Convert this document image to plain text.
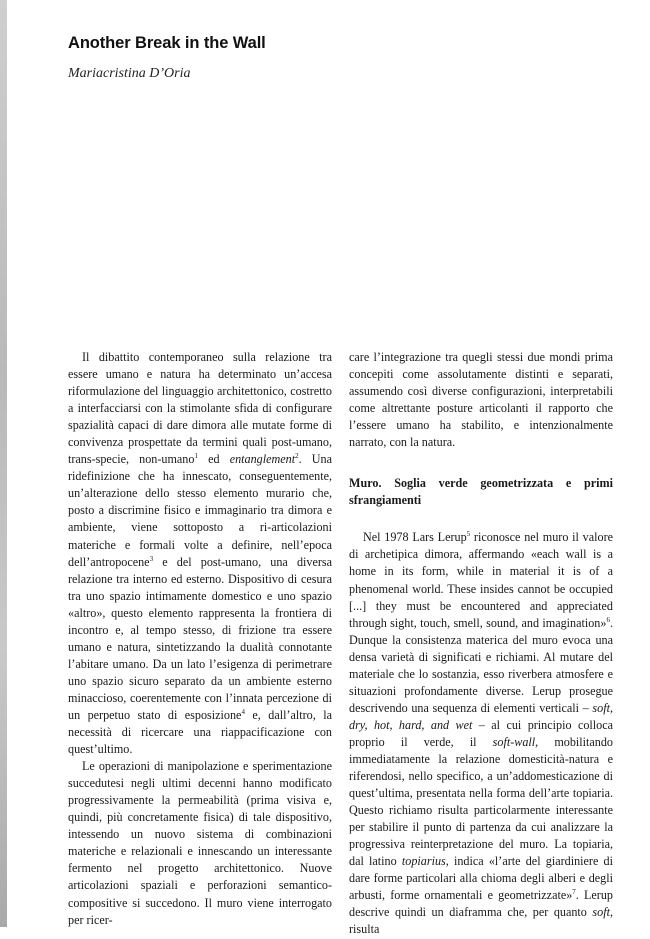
Another Break in the Wall

Mariacristina D’Oria

Il dibattito contemporaneo sulla relazione tra essere umano e natura ha determinato un’accesa riformulazione del linguaggio architettonico, costretto a interfacciarsi con la stimolante sfida di configurare spazialità capaci di dare dimora alle mutate forme di convivenza prospettate da termini quali post-umano, trans-specie, non-umano$^1$ ed entanglement$^2$. Una ridefinizione che ha innescato, conseguentemente, un’alterazione dello stesso elemento murario che, posto a discrimine fisico e immaginario tra dimora e ambiente, viene sottoposto a ri-articolazioni materiche e formali volte a definire, nell’epoca dell’antropocene$^3$ e del post-umano, una diversa relazione tra interno ed esterno. Dispositivo di cesura tra uno spazio intimamente domestico e uno spazio «altro», questo elemento rappresenta la frontiera di incontro e, al tempo stesso, di frizione tra essere umano e natura, sintetizzando la dualità connotante l’abitare umano. Da un lato l’esigenza di perimetrare uno spazio sicuro separato da un ambiente esterno minaccioso, coerentemente con l’innata percezione di un perpetuo stato di esposizione$^4$ e, dall’altro, la necessità di ricercare una riappacificazione con quest’ultimo.

Le operazioni di manipolazione e sperimentazione succedutesi negli ultimi decenni hanno modificato progressivamente la permeabilità (prima visiva e, quindi, più concretamente fisica) di tale dispositivo, intessendo un nuovo sistema di combinazioni materiche e relazionali e innescando un interessante fermento nel progetto architettonico. Nuove articolazioni spaziali e perforazioni semantico-compositive si succedono. Il muro viene interrogato per ricer-

care l’integrazione tra quegli stessi due mondi prima concepiti come assolutamente distinti e separati, assumendo così diverse configurazioni, interpretabili come altrettante posture articolanti il rapporto che l’essere umano ha stabilito, e intenzionalmente narrato, con la natura.

Muro. Soglia verde geometrizzata e primi sfrangiamenti

Nel 1978 Lars Lerup$^5$ riconosce nel muro il valore di archetipica dimora, affermando «each wall is a home in its form, while in material it is of a phenomenal world. These insides cannot be occupied [...] they must be encountered and appreciated through sight, touch, smell, sound, and imagination»$^6$. Dunque la consistenza materica del muro evoca una densa varietà di significati e richiami. Al mutare del materiale che lo sostanzia, esso riverbera atmosfere e situazioni profondamente diverse. Lerup prosegue descrivendo una sequenza di elementi verticali – soft, dry, hot, hard, and wet – al cui principio colloca proprio il verde, il soft-wall, mobilitando immediatamente la relazione domesticità-natura e riferendosi, nello specifico, a un’addomesticazione di quest’ultima, presentata nella forma dell’arte topiaria. Questo richiamo risulta particolarmente interessante per stabilire il punto di partenza da cui analizzare la progressiva reinterpretazione del muro. La topiaria, dal latino topiarius, indica «l’arte del giardiniere di dare forme particolari alla chioma degli alberi e degli arbusti, forme ornamentali e geometrizzate»$^7$. Lerup descrive quindi un diaframma che, per quanto soft, risulta
